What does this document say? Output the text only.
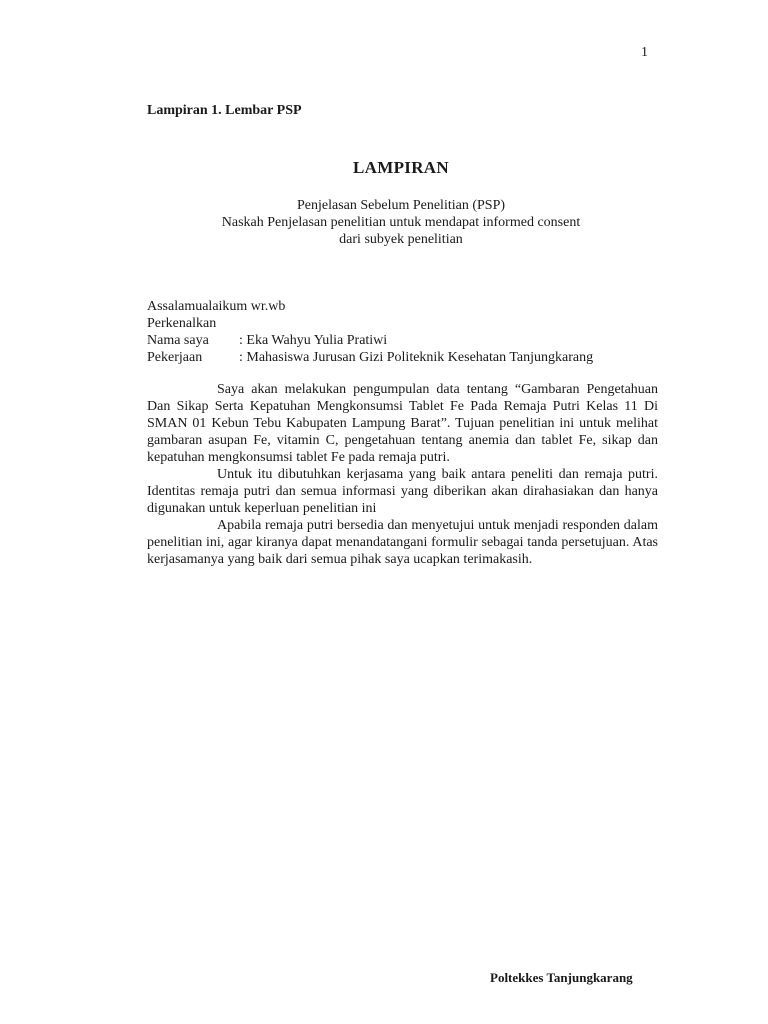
1
Lampiran 1. Lembar PSP
LAMPIRAN
Penjelasan Sebelum Penelitian (PSP)
Naskah Penjelasan penelitian untuk mendapat informed consent
dari subyek penelitian
Assalamualaikum wr.wb
Perkenalkan
Nama saya	: Eka Wahyu Yulia Pratiwi
Pekerjaan	: Mahasiswa Jurusan Gizi Politeknik Kesehatan Tanjungkarang

Saya akan melakukan pengumpulan data tentang “Gambaran Pengetahuan Dan Sikap Serta Kepatuhan Mengkonsumsi Tablet Fe Pada Remaja Putri Kelas 11 Di SMAN 01 Kebun Tebu Kabupaten Lampung Barat”. Tujuan penelitian ini untuk melihat gambaran asupan Fe, vitamin C, pengetahuan tentang anemia dan tablet Fe, sikap dan kepatuhan mengkonsumsi tablet Fe pada remaja putri.

Untuk itu dibutuhkan kerjasama yang baik antara peneliti dan remaja putri. Identitas remaja putri dan semua informasi yang diberikan akan dirahasiakan dan hanya digunakan untuk keperluan penelitian ini

Apabila remaja putri bersedia dan menyetujui untuk menjadi responden dalam penelitian ini, agar kiranya dapat menandatangani formulir sebagai tanda persetujuan. Atas kerjasamanya yang baik dari semua pihak saya ucapkan terimakasih.

Poltekkes Tanjungkarang
